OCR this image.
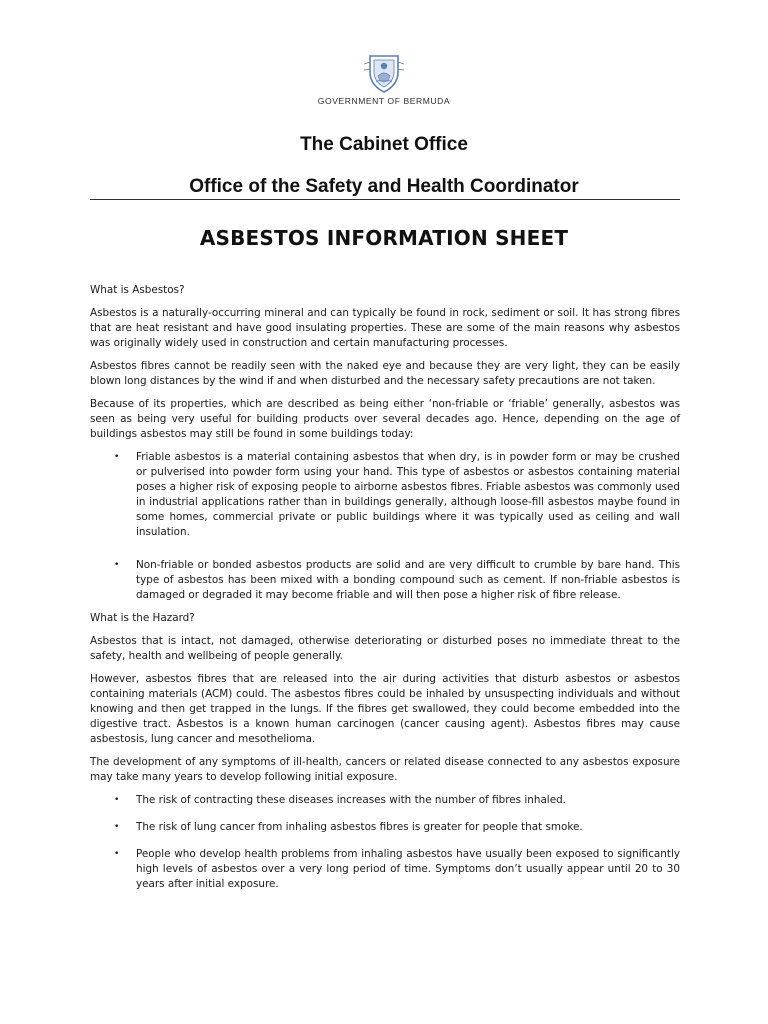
GOVERNMENT OF BERMUDA
The Cabinet Office
Office of the Safety and Health Coordinator
ASBESTOS INFORMATION SHEET

What is Asbestos?

Asbestos is a naturally-occurring mineral and can typically be found in rock, sediment or soil. It has strong fibres that are heat resistant and have good insulating properties. These are some of the main reasons why asbestos was originally widely used in construction and certain manufacturing processes.

Asbestos fibres cannot be readily seen with the naked eye and because they are very light, they can be easily blown long distances by the wind if and when disturbed and the necessary safety precautions are not taken.

Because of its properties, which are described as being either ‘non-friable or ‘friable’ generally, asbestos was seen as being very useful for building products over several decades ago. Hence, depending on the age of buildings asbestos may still be found in some buildings today:

• Friable asbestos is a material containing asbestos that when dry, is in powder form or may be crushed or pulverised into powder form using your hand. This type of asbestos or asbestos containing material poses a higher risk of exposing people to airborne asbestos fibres. Friable asbestos was commonly used in industrial applications rather than in buildings generally, although loose-fill asbestos maybe found in some homes, commercial private or public buildings where it was typically used as ceiling and wall insulation.
• Non-friable or bonded asbestos products are solid and are very difficult to crumble by bare hand. This type of asbestos has been mixed with a bonding compound such as cement. If non-friable asbestos is damaged or degraded it may become friable and will then pose a higher risk of fibre release.

What is the Hazard?

Asbestos that is intact, not damaged, otherwise deteriorating or disturbed poses no immediate threat to the safety, health and wellbeing of people generally.

However, asbestos fibres that are released into the air during activities that disturb asbestos or asbestos containing materials (ACM) could. The asbestos fibres could be inhaled by unsuspecting individuals and without knowing and then get trapped in the lungs. If the fibres get swallowed, they could become embedded into the digestive tract. Asbestos is a known human carcinogen (cancer causing agent). Asbestos fibres may cause asbestosis, lung cancer and mesothelioma.

The development of any symptoms of ill-health, cancers or related disease connected to any asbestos exposure may take many years to develop following initial exposure.

• The risk of contracting these diseases increases with the number of fibres inhaled.
• The risk of lung cancer from inhaling asbestos fibres is greater for people that smoke.
• People who develop health problems from inhaling asbestos have usually been exposed to significantly high levels of asbestos over a very long period of time. Symptoms don’t usually appear until 20 to 30 years after initial exposure.
